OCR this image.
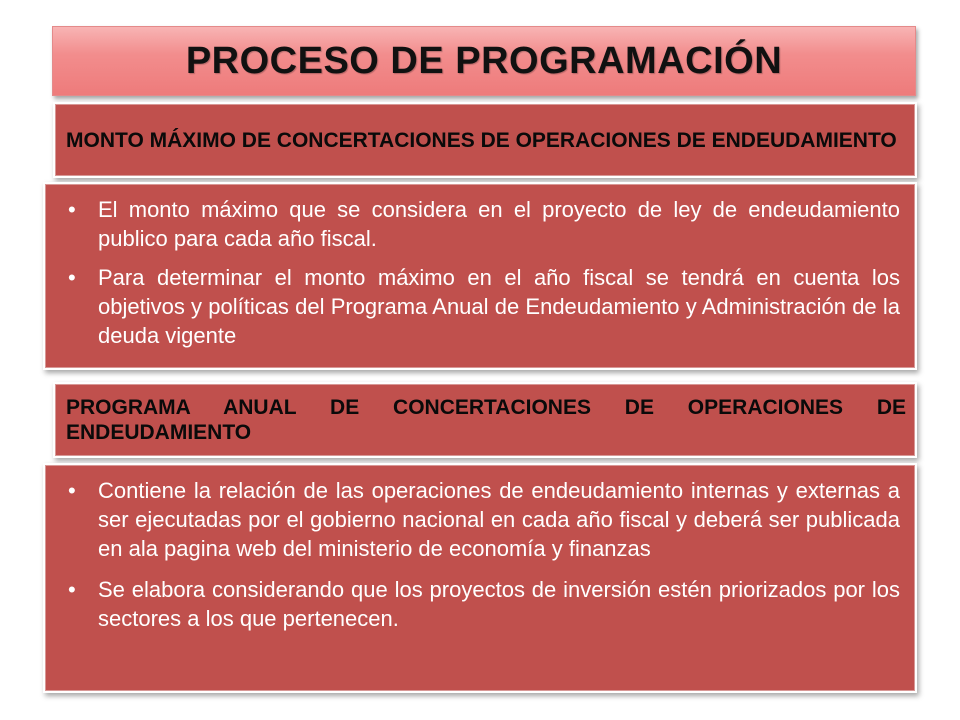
PROCESO DE PROGRAMACIÓN
MONTO MÁXIMO DE CONCERTACIONES DE OPERACIONES DE ENDEUDAMIENTO
• El monto máximo que se considera en el proyecto de ley de endeudamiento publico para cada año fiscal.
• Para determinar el monto máximo en el año fiscal se tendrá en cuenta los objetivos y políticas del Programa Anual de Endeudamiento y Administración de la deuda vigente
PROGRAMA ANUAL DE CONCERTACIONES DE OPERACIONES DE ENDEUDAMIENTO
• Contiene la relación de las operaciones de endeudamiento internas y externas a ser ejecutadas por el gobierno nacional en cada año fiscal y deberá ser publicada en ala pagina web del ministerio de economía y finanzas
• Se elabora considerando que los proyectos de inversión estén priorizados por los sectores a los que pertenecen.
